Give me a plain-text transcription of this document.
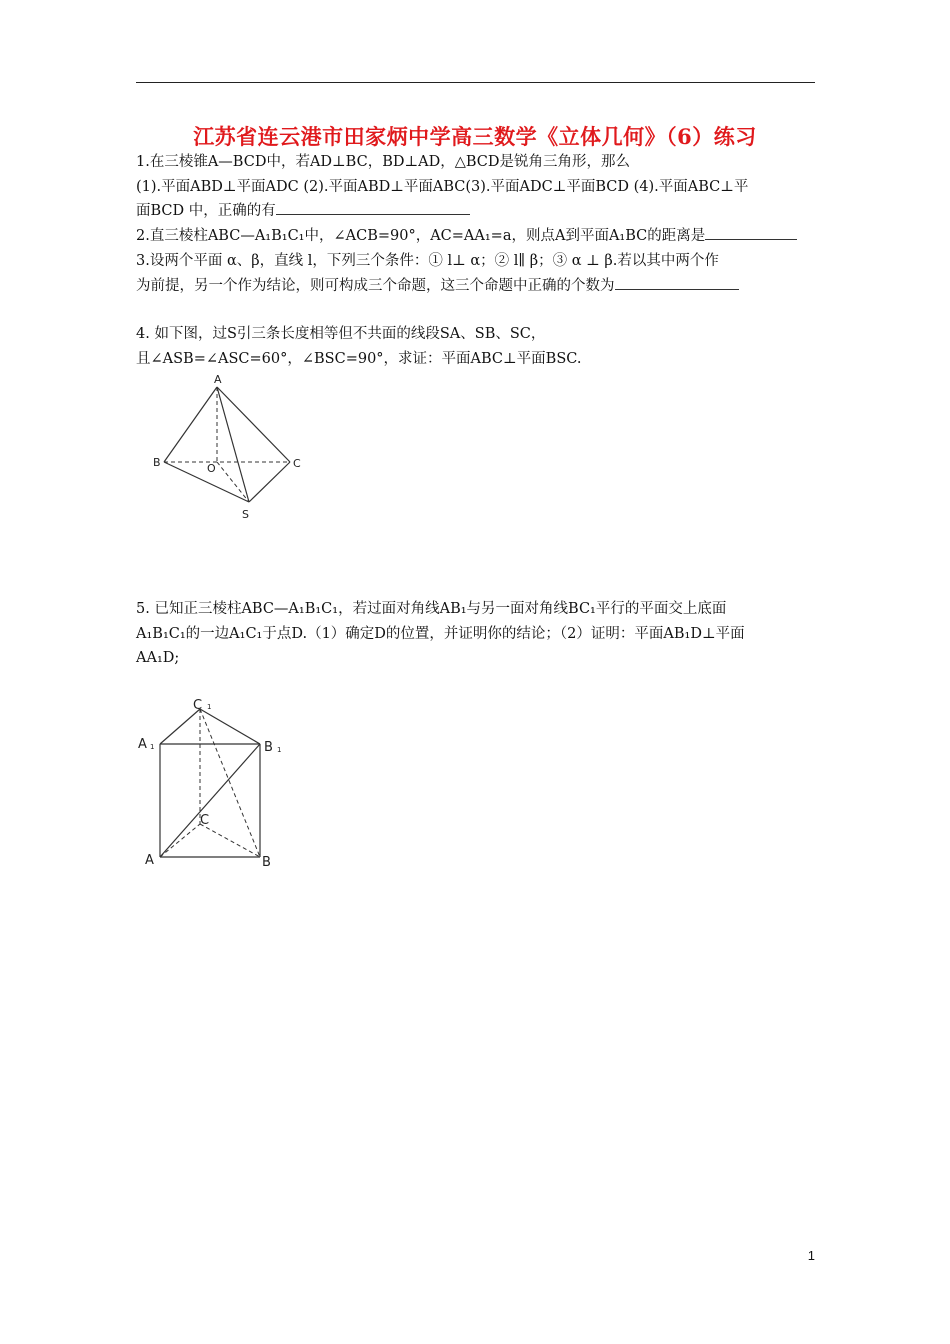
江苏省连云港市田家炳中学高三数学《立体几何》（6）练习
1.在三棱锥A—BCD中，若AD⊥BC，BD⊥AD，△BCD是锐角三角形，那么
(1).平面ABD⊥平面ADC (2).平面ABD⊥平面ABC(3).平面ADC⊥平面BCD (4).平面ABC⊥平
面BCD 中，正确的有
2.直三棱柱ABC—A₁B₁C₁中，∠ACB=90°，AC=AA₁=a，则点A到平面A₁BC的距离是
3.设两个平面 α、β，直线 l，下列三个条件：① l⊥ α；② l∥ β；③ α ⊥ β.若以其中两个作
为前提，另一个作为结论，则可构成三个命题，这三个命题中正确的个数为
4. 如下图，过S引三条长度相等但不共面的线段SA、SB、SC，
且∠ASB=∠ASC=60°，∠BSC=90°，求证：平面ABC⊥平面BSC.
A
B	C
O
S
5. 已知正三棱柱ABC—A₁B₁C₁，若过面对角线AB₁与另一面对角线BC₁平行的平面交上底面
A₁B₁C₁的一边A₁C₁于点D.（1）确定D的位置，并证明你的结论；（2）证明：平面AB₁D⊥平面
AA₁D;
C 1
A 1	B 1
C
A	B
1
